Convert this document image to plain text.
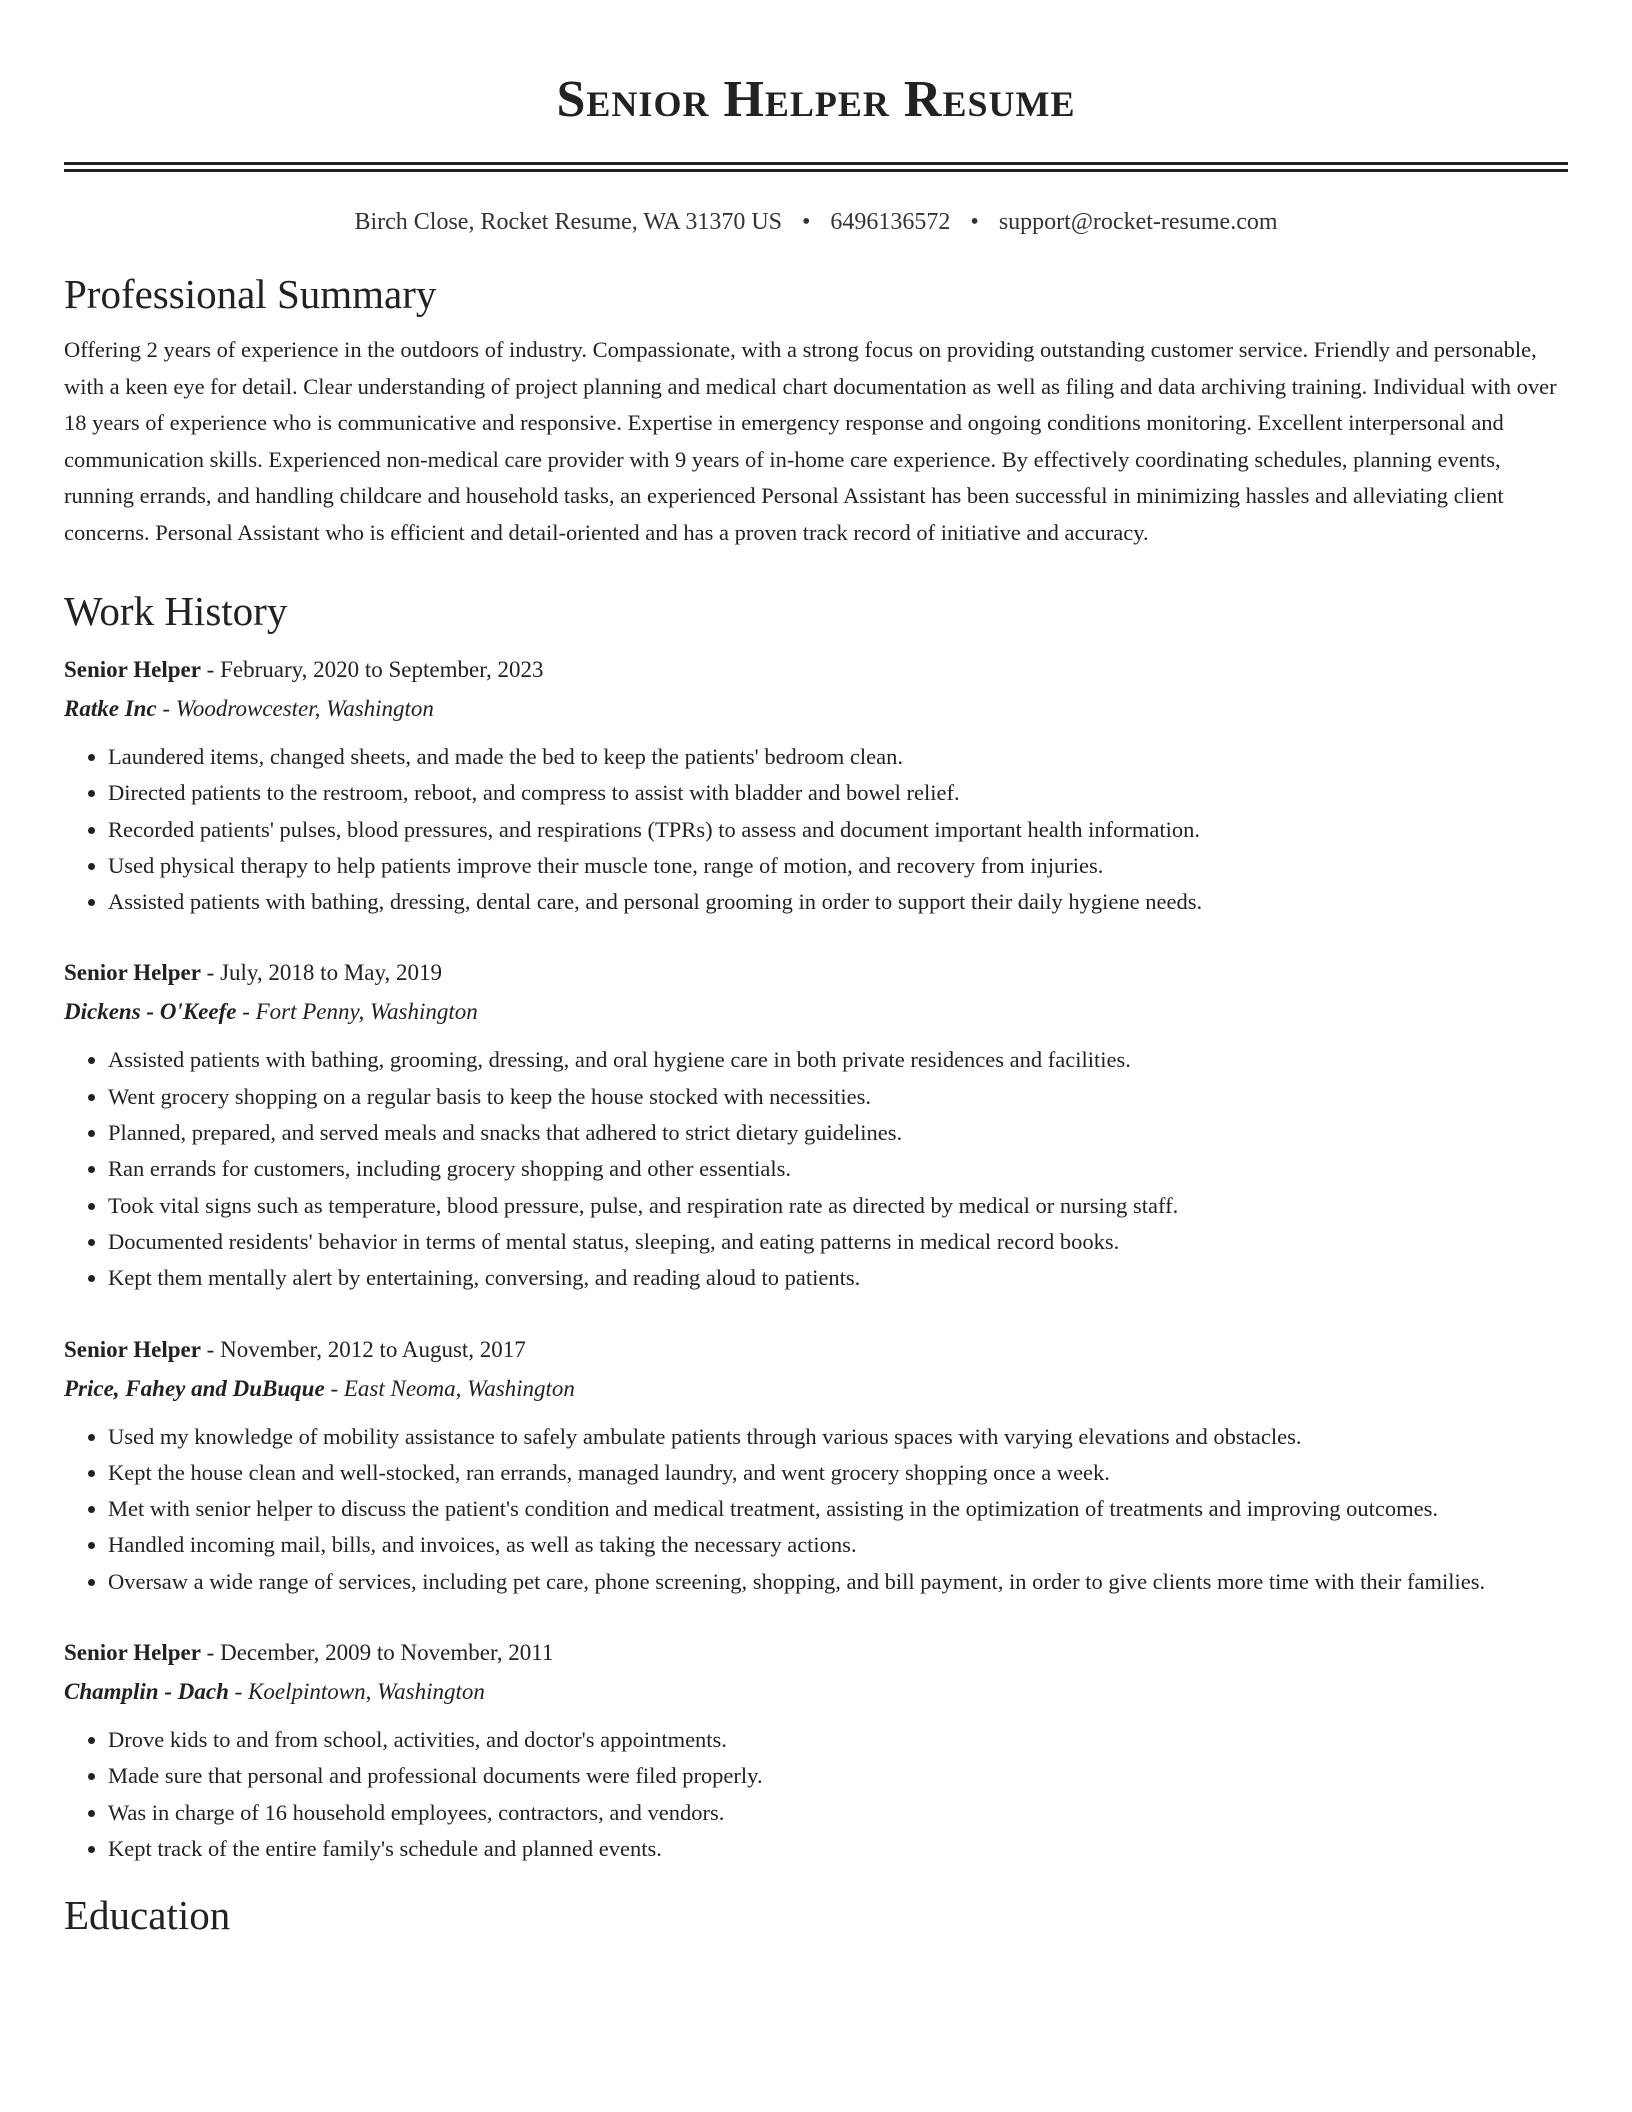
Senior Helper Resume
Birch Close, Rocket Resume, WA 31370 US • 6496136572 • support@rocket-resume.com
Professional Summary

Offering 2 years of experience in the outdoors of industry. Compassionate, with a strong focus on providing outstanding customer service. Friendly and personable, with a keen eye for detail. Clear understanding of project planning and medical chart documentation as well as filing and data archiving training. Individual with over 18 years of experience who is communicative and responsive. Expertise in emergency response and ongoing conditions monitoring. Excellent interpersonal and communication skills. Experienced non-medical care provider with 9 years of in-home care experience. By effectively coordinating schedules, planning events, running errands, and handling childcare and household tasks, an experienced Personal Assistant has been successful in minimizing hassles and alleviating client concerns. Personal Assistant who is efficient and detail-oriented and has a proven track record of initiative and accuracy.

Work History
Senior Helper - February, 2020 to September, 2023
Ratke Inc - Woodrowcester, Washington
• Laundered items, changed sheets, and made the bed to keep the patients' bedroom clean.
• Directed patients to the restroom, reboot, and compress to assist with bladder and bowel relief.
• Recorded patients' pulses, blood pressures, and respirations (TPRs) to assess and document important health information.
• Used physical therapy to help patients improve their muscle tone, range of motion, and recovery from injuries.
• Assisted patients with bathing, dressing, dental care, and personal grooming in order to support their daily hygiene needs.
Senior Helper - July, 2018 to May, 2019
Dickens - O'Keefe - Fort Penny, Washington
• Assisted patients with bathing, grooming, dressing, and oral hygiene care in both private residences and facilities.
• Went grocery shopping on a regular basis to keep the house stocked with necessities.
• Planned, prepared, and served meals and snacks that adhered to strict dietary guidelines.
• Ran errands for customers, including grocery shopping and other essentials.
• Took vital signs such as temperature, blood pressure, pulse, and respiration rate as directed by medical or nursing staff.
• Documented residents' behavior in terms of mental status, sleeping, and eating patterns in medical record books.
• Kept them mentally alert by entertaining, conversing, and reading aloud to patients.
Senior Helper - November, 2012 to August, 2017
Price, Fahey and DuBuque - East Neoma, Washington
• Used my knowledge of mobility assistance to safely ambulate patients through various spaces with varying elevations and obstacles.
• Kept the house clean and well-stocked, ran errands, managed laundry, and went grocery shopping once a week.
• Met with senior helper to discuss the patient's condition and medical treatment, assisting in the optimization of treatments and improving outcomes.
• Handled incoming mail, bills, and invoices, as well as taking the necessary actions.
• Oversaw a wide range of services, including pet care, phone screening, shopping, and bill payment, in order to give clients more time with their families.
Senior Helper - December, 2009 to November, 2011
Champlin - Dach - Koelpintown, Washington
• Drove kids to and from school, activities, and doctor's appointments.
• Made sure that personal and professional documents were filed properly.
• Was in charge of 16 household employees, contractors, and vendors.
• Kept track of the entire family's schedule and planned events.
Education
